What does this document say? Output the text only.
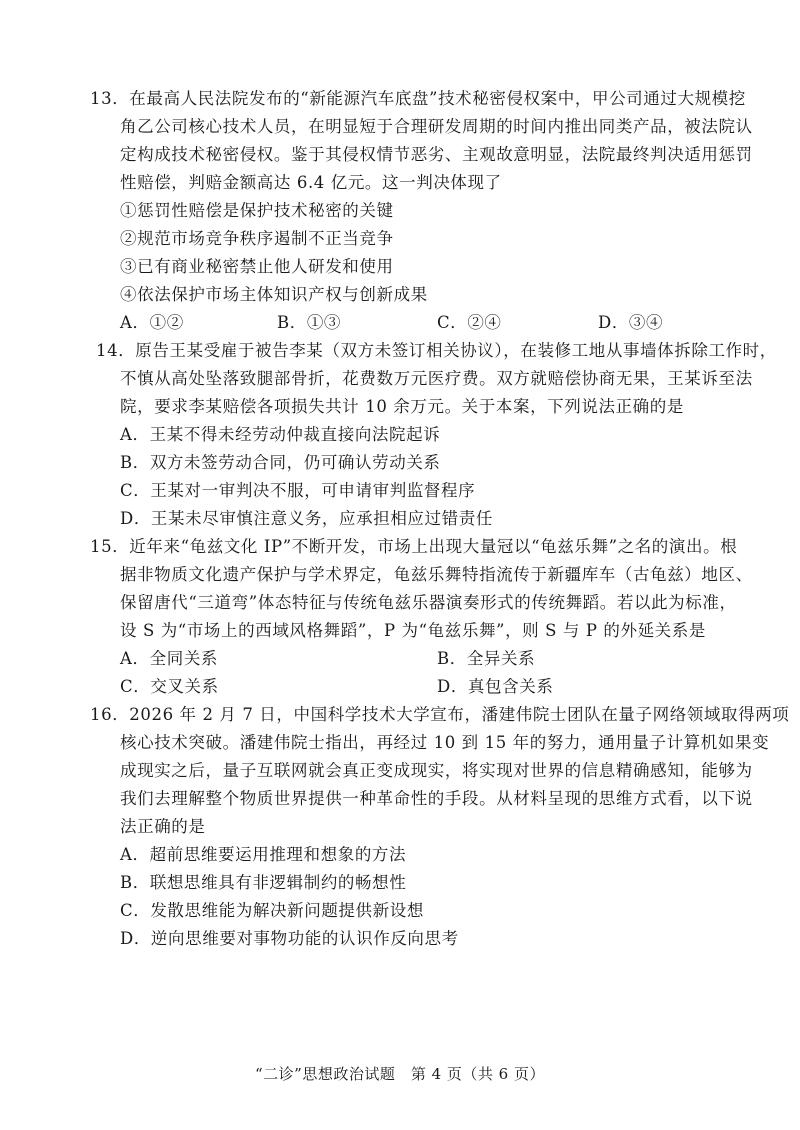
13．在最高人民法院发布的“新能源汽车底盘”技术秘密侵权案中，甲公司通过大规模挖
角乙公司核心技术人员，在明显短于合理研发周期的时间内推出同类产品，被法院认
定构成技术秘密侵权。鉴于其侵权情节恶劣、主观故意明显，法院最终判决适用惩罚
性赔偿，判赔金额高达 6.4 亿元。这一判决体现了
①惩罚性赔偿是保护技术秘密的关键
②规范市场竞争秩序遏制不正当竞争
③已有商业秘密禁止他人研发和使用
④依法保护市场主体知识产权与创新成果
A．①②	B．①③	C．②④	D．③④
14．原告王某受雇于被告李某（双方未签订相关协议），在装修工地从事墙体拆除工作时，
不慎从高处坠落致腿部骨折，花费数万元医疗费。双方就赔偿协商无果，王某诉至法
院，要求李某赔偿各项损失共计 10 余万元。关于本案，下列说法正确的是
A．王某不得未经劳动仲裁直接向法院起诉
B．双方未签劳动合同，仍可确认劳动关系
C．王某对一审判决不服，可申请审判监督程序
D．王某未尽审慎注意义务，应承担相应过错责任
15．近年来“龟兹文化 IP”不断开发，市场上出现大量冠以“龟兹乐舞”之名的演出。根
据非物质文化遗产保护与学术界定，龟兹乐舞特指流传于新疆库车（古龟兹）地区、
保留唐代“三道弯”体态特征与传统龟兹乐器演奏形式的传统舞蹈。若以此为标准，
设 S 为“市场上的西域风格舞蹈”，P 为“龟兹乐舞”，则 S 与 P 的外延关系是
A．全同关系	B．全异关系
C．交叉关系	D．真包含关系
16．2026 年 2 月 7 日，中国科学技术大学宣布，潘建伟院士团队在量子网络领域取得两项
核心技术突破。潘建伟院士指出，再经过 10 到 15 年的努力，通用量子计算机如果变
成现实之后，量子互联网就会真正变成现实，将实现对世界的信息精确感知，能够为
我们去理解整个物质世界提供一种革命性的手段。从材料呈现的思维方式看，以下说
法正确的是
A．超前思维要运用推理和想象的方法
B．联想思维具有非逻辑制约的畅想性
C．发散思维能为解决新问题提供新设想
D．逆向思维要对事物功能的认识作反向思考
“二诊”思想政治试题　第 4 页（共 6 页）
